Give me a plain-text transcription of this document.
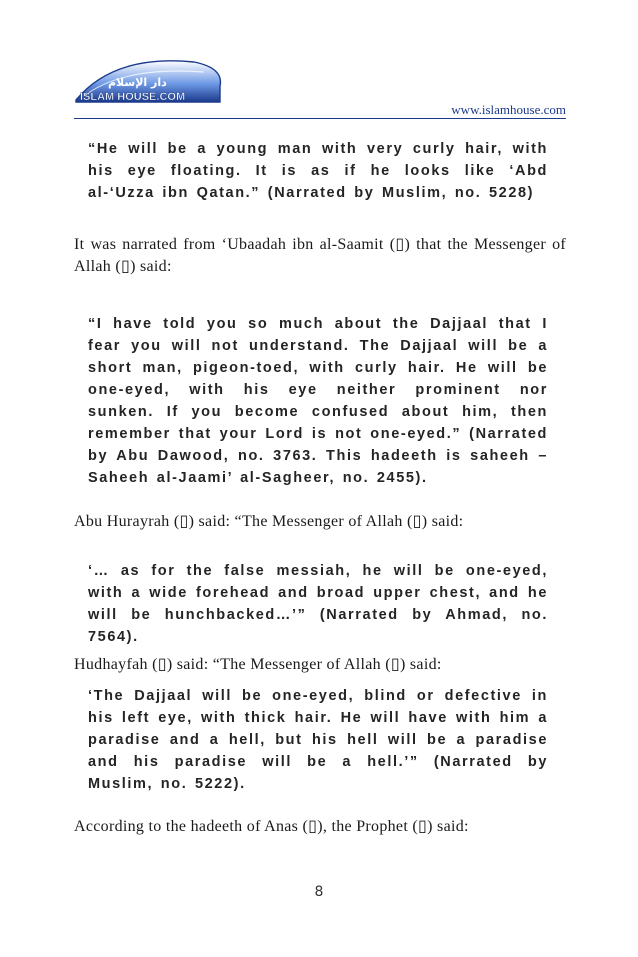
دار الإسلام
ISLAM HOUSE.COM
www.islamhouse.com
“He will be a young man with very curly hair, with his eye floating. It is as if he looks like ‘Abd al-‘Uzza ibn Qatan.” (Narrated by Muslim, no. 5228)
It was narrated from ‘Ubaadah ibn al-Saamit (▯) that the Messenger of Allah (▯) said:
“I have told you so much about the Dajjaal that I fear you will not understand. The Dajjaal will be a short man, pigeon-toed, with curly hair. He will be one-eyed, with his eye neither prominent nor sunken. If you become confused about him, then remember that your Lord is not one-eyed.” (Narrated by Abu Dawood, no. 3763. This hadeeth is saheeh – Saheeh al-Jaami’ al-Sagheer, no. 2455).
Abu Hurayrah (▯) said: “The Messenger of Allah (▯) said:
‘… as for the false messiah, he will be one-eyed, with a wide forehead and broad upper chest, and he will be hunchbacked…’” (Narrated by Ahmad, no. 7564).
Hudhayfah (▯) said: “The Messenger of Allah (▯) said:
‘The Dajjaal will be one-eyed, blind or defective in his left eye, with thick hair. He will have with him a paradise and a hell, but his hell will be a paradise and his paradise will be a hell.’” (Narrated by Muslim, no. 5222).
According to the hadeeth of Anas (▯), the Prophet (▯) said:
8
